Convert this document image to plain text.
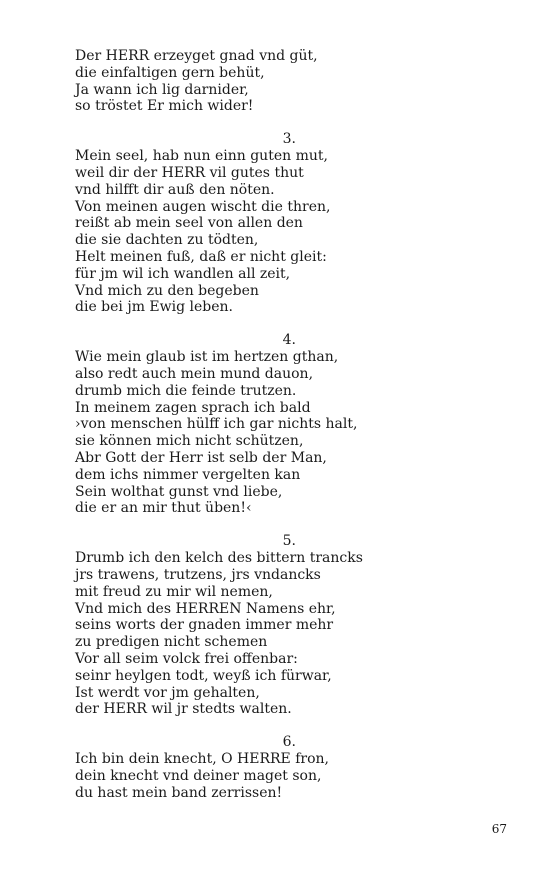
Der HERR erzeyget gnad vnd güt,
die einfaltigen gern behüt,
Ja wann ich lig darnider,
so tröstet Er mich wider!
3.
Mein seel, hab nun einn guten mut,
weil dir der HERR vil gutes thut
vnd hilfft dir auß den nöten.
Von meinen augen wischt die thren,
reißt ab mein seel von allen den
die sie dachten zu tödten,
Helt meinen fuß, daß er nicht gleit:
für jm wil ich wandlen all zeit,
Vnd mich zu den begeben
die bei jm Ewig leben.
4.
Wie mein glaub ist im hertzen gthan,
also redt auch mein mund dauon,
drumb mich die feinde trutzen.
In meinem zagen sprach ich bald
›von menschen hülff ich gar nichts halt,
sie können mich nicht schützen,
Abr Gott der Herr ist selb der Man,
dem ichs nimmer vergelten kan
Sein wolthat gunst vnd liebe,
die er an mir thut üben!‹
5.
Drumb ich den kelch des bittern trancks
jrs trawens, trutzens, jrs vndancks
mit freud zu mir wil nemen,
Vnd mich des HERREN Namens ehr,
seins worts der gnaden immer mehr
zu predigen nicht schemen
Vor all seim volck frei offenbar:
seinr heylgen todt, weyß ich fürwar,
Ist werdt vor jm gehalten,
der HERR wil jr stedts walten.
6.
Ich bin dein knecht, O HERRE fron,
dein knecht vnd deiner maget son,
du hast mein band zerrissen!
67
